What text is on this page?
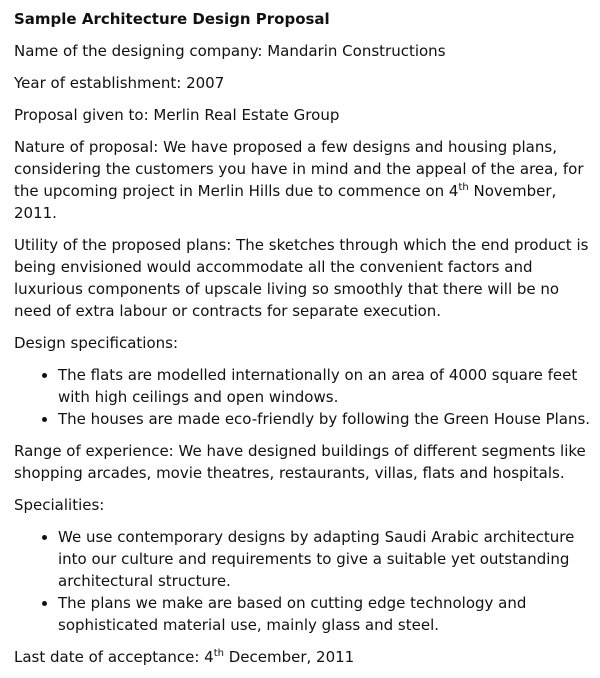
Sample Architecture Design Proposal

Name of the designing company: Mandarin Constructions

Year of establishment: 2007

Proposal given to: Merlin Real Estate Group

Nature of proposal: We have proposed a few designs and housing plans, considering the customers you have in mind and the appeal of the area, for the upcoming project in Merlin Hills due to commence on 4th November, 2011.

Utility of the proposed plans: The sketches through which the end product is being envisioned would accommodate all the convenient factors and luxurious components of upscale living so smoothly that there will be no need of extra labour or contracts for separate execution.

Design specifications:

• The flats are modelled internationally on an area of 4000 square feet with high ceilings and open windows.
• The houses are made eco-friendly by following the Green House Plans.

Range of experience: We have designed buildings of different segments like shopping arcades, movie theatres, restaurants, villas, flats and hospitals.

Specialities:

• We use contemporary designs by adapting Saudi Arabic architecture into our culture and requirements to give a suitable yet outstanding architectural structure.
• The plans we make are based on cutting edge technology and sophisticated material use, mainly glass and steel.

Last date of acceptance: 4th December, 2011
